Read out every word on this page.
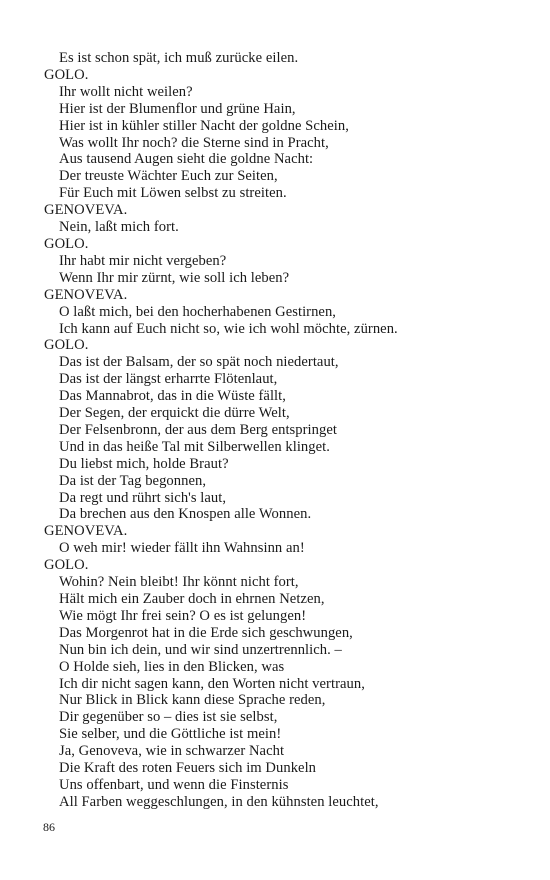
Es ist schon spät, ich muß zurücke eilen.
GOLO.
Ihr wollt nicht weilen?
Hier ist der Blumenflor und grüne Hain,
Hier ist in kühler stiller Nacht der goldne Schein,
Was wollt Ihr noch? die Sterne sind in Pracht,
Aus tausend Augen sieht die goldne Nacht:
Der treuste Wächter Euch zur Seiten,
Für Euch mit Löwen selbst zu streiten.
GENOVEVA.
Nein, laßt mich fort.
GOLO.
Ihr habt mir nicht vergeben?
Wenn Ihr mir zürnt, wie soll ich leben?
GENOVEVA.
O laßt mich, bei den hocherhabenen Gestirnen,
Ich kann auf Euch nicht so, wie ich wohl möchte, zürnen.
GOLO.
Das ist der Balsam, der so spät noch niedertaut,
Das ist der längst erharrte Flötenlaut,
Das Mannabrot, das in die Wüste fällt,
Der Segen, der erquickt die dürre Welt,
Der Felsenbronn, der aus dem Berg entspringet
Und in das heiße Tal mit Silberwellen klinget.
Du liebst mich, holde Braut?
Da ist der Tag begonnen,
Da regt und rührt sich's laut,
Da brechen aus den Knospen alle Wonnen.
GENOVEVA.
O weh mir! wieder fällt ihn Wahnsinn an!
GOLO.
Wohin? Nein bleibt! Ihr könnt nicht fort,
Hält mich ein Zauber doch in ehrnen Netzen,
Wie mögt Ihr frei sein? O es ist gelungen!
Das Morgenrot hat in die Erde sich geschwungen,
Nun bin ich dein, und wir sind unzertrennlich. –
O Holde sieh, lies in den Blicken, was
Ich dir nicht sagen kann, den Worten nicht vertraun,
Nur Blick in Blick kann diese Sprache reden,
Dir gegenüber so – dies ist sie selbst,
Sie selber, und die Göttliche ist mein!
Ja, Genoveva, wie in schwarzer Nacht
Die Kraft des roten Feuers sich im Dunkeln
Uns offenbart, und wenn die Finsternis
All Farben weggeschlungen, in den kühnsten leuchtet,
86
